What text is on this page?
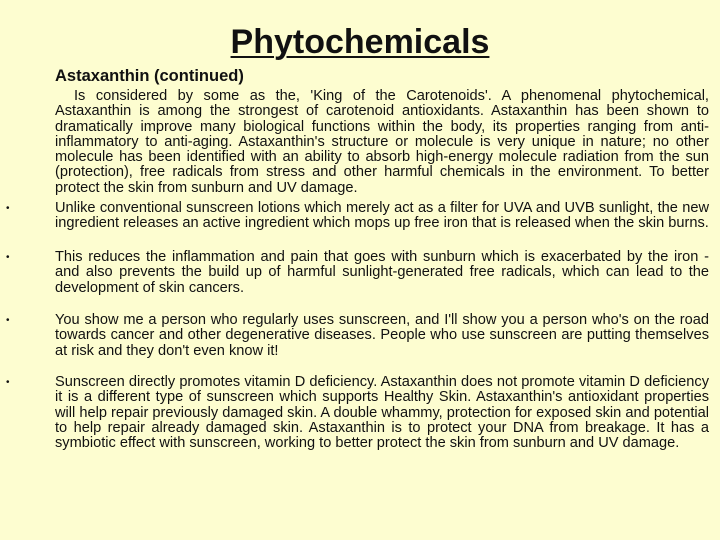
Phytochemicals

Astaxanthin (continued)

Is considered by some as the, 'King of the Carotenoids'. A phenomenal phytochemical, Astaxanthin is among the strongest of carotenoid antioxidants. Astaxanthin has been shown to dramatically improve many biological functions within the body, its properties ranging from anti-inflammatory to anti-aging. Astaxanthin's structure or molecule is very unique in nature; no other molecule has been identified with an ability to absorb high-energy molecule radiation from the sun (protection), free radicals from stress and other harmful chemicals in the environment. To better protect the skin from sunburn and UV damage.

•	Unlike conventional sunscreen lotions which merely act as a filter for UVA and UVB sunlight, the new ingredient releases an active ingredient which mops up free iron that is released when the skin burns.

•	This reduces the inflammation and pain that goes with sunburn which is exacerbated by the iron - and also prevents the build up of harmful sunlight-generated free radicals, which can lead to the development of skin cancers.

•	You show me a person who regularly uses sunscreen, and I'll show you a person who's on the road towards cancer and other degenerative diseases. People who use sunscreen are putting themselves at risk and they don't even know it!

•	Sunscreen directly promotes vitamin D deficiency. Astaxanthin does not promote vitamin D deficiency it is a different type of sunscreen which supports Healthy Skin. Astaxanthin's antioxidant properties will help repair previously damaged skin. A double whammy, protection for exposed skin and potential to help repair already damaged skin. Astaxanthin is to protect your DNA from breakage. It has a symbiotic effect with sunscreen, working to better protect the skin from sunburn and UV damage.
